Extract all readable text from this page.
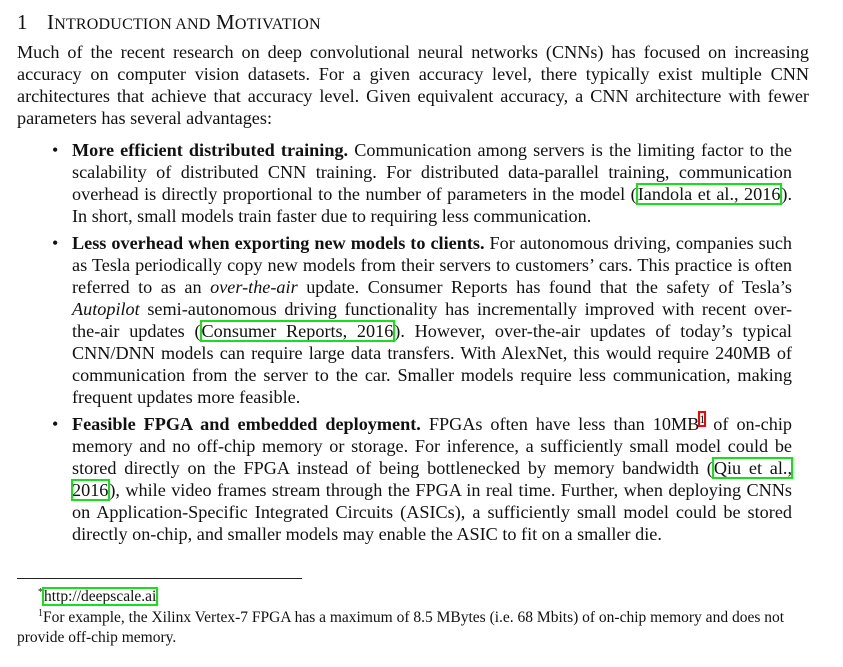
1 INTRODUCTION AND MOTIVATION

Much of the recent research on deep convolutional neural networks (CNNs) has focused on increasing accuracy on computer vision datasets. For a given accuracy level, there typically exist multiple CNN architectures that achieve that accuracy level. Given equivalent accuracy, a CNN architecture with fewer parameters has several advantages:

• More efficient distributed training. Communication among servers is the limiting factor to the scalability of distributed CNN training. For distributed data-parallel training, communication overhead is directly proportional to the number of parameters in the model (Iandola et al., 2016). In short, small models train faster due to requiring less communication.
• Less overhead when exporting new models to clients. For autonomous driving, companies such as Tesla periodically copy new models from their servers to customers’ cars. This practice is often referred to as an over-the-air update. Consumer Reports has found that the safety of Tesla’s Autopilot semi-autonomous driving functionality has incrementally improved with recent over-the-air updates (Consumer Reports, 2016). However, over-the-air updates of today’s typical CNN/DNN models can require large data transfers. With AlexNet, this would require 240MB of communication from the server to the car. Smaller models require less communication, making frequent updates more feasible.
• Feasible FPGA and embedded deployment. FPGAs often have less than 10MB$^1$ of on-chip memory and no off-chip memory or storage. For inference, a sufficiently small model could be stored directly on the FPGA instead of being bottlenecked by memory bandwidth (Qiu et al., 2016), while video frames stream through the FPGA in real time. Further, when deploying CNNs on Application-Specific Integrated Circuits (ASICs), a sufficiently small model could be stored directly on-chip, and smaller models may enable the ASIC to fit on a smaller die.
*http://deepscale.ai
$^1$For example, the Xilinx Vertex-7 FPGA has a maximum of 8.5 MBytes (i.e. 68 Mbits) of on-chip memory and does not provide off-chip memory.
